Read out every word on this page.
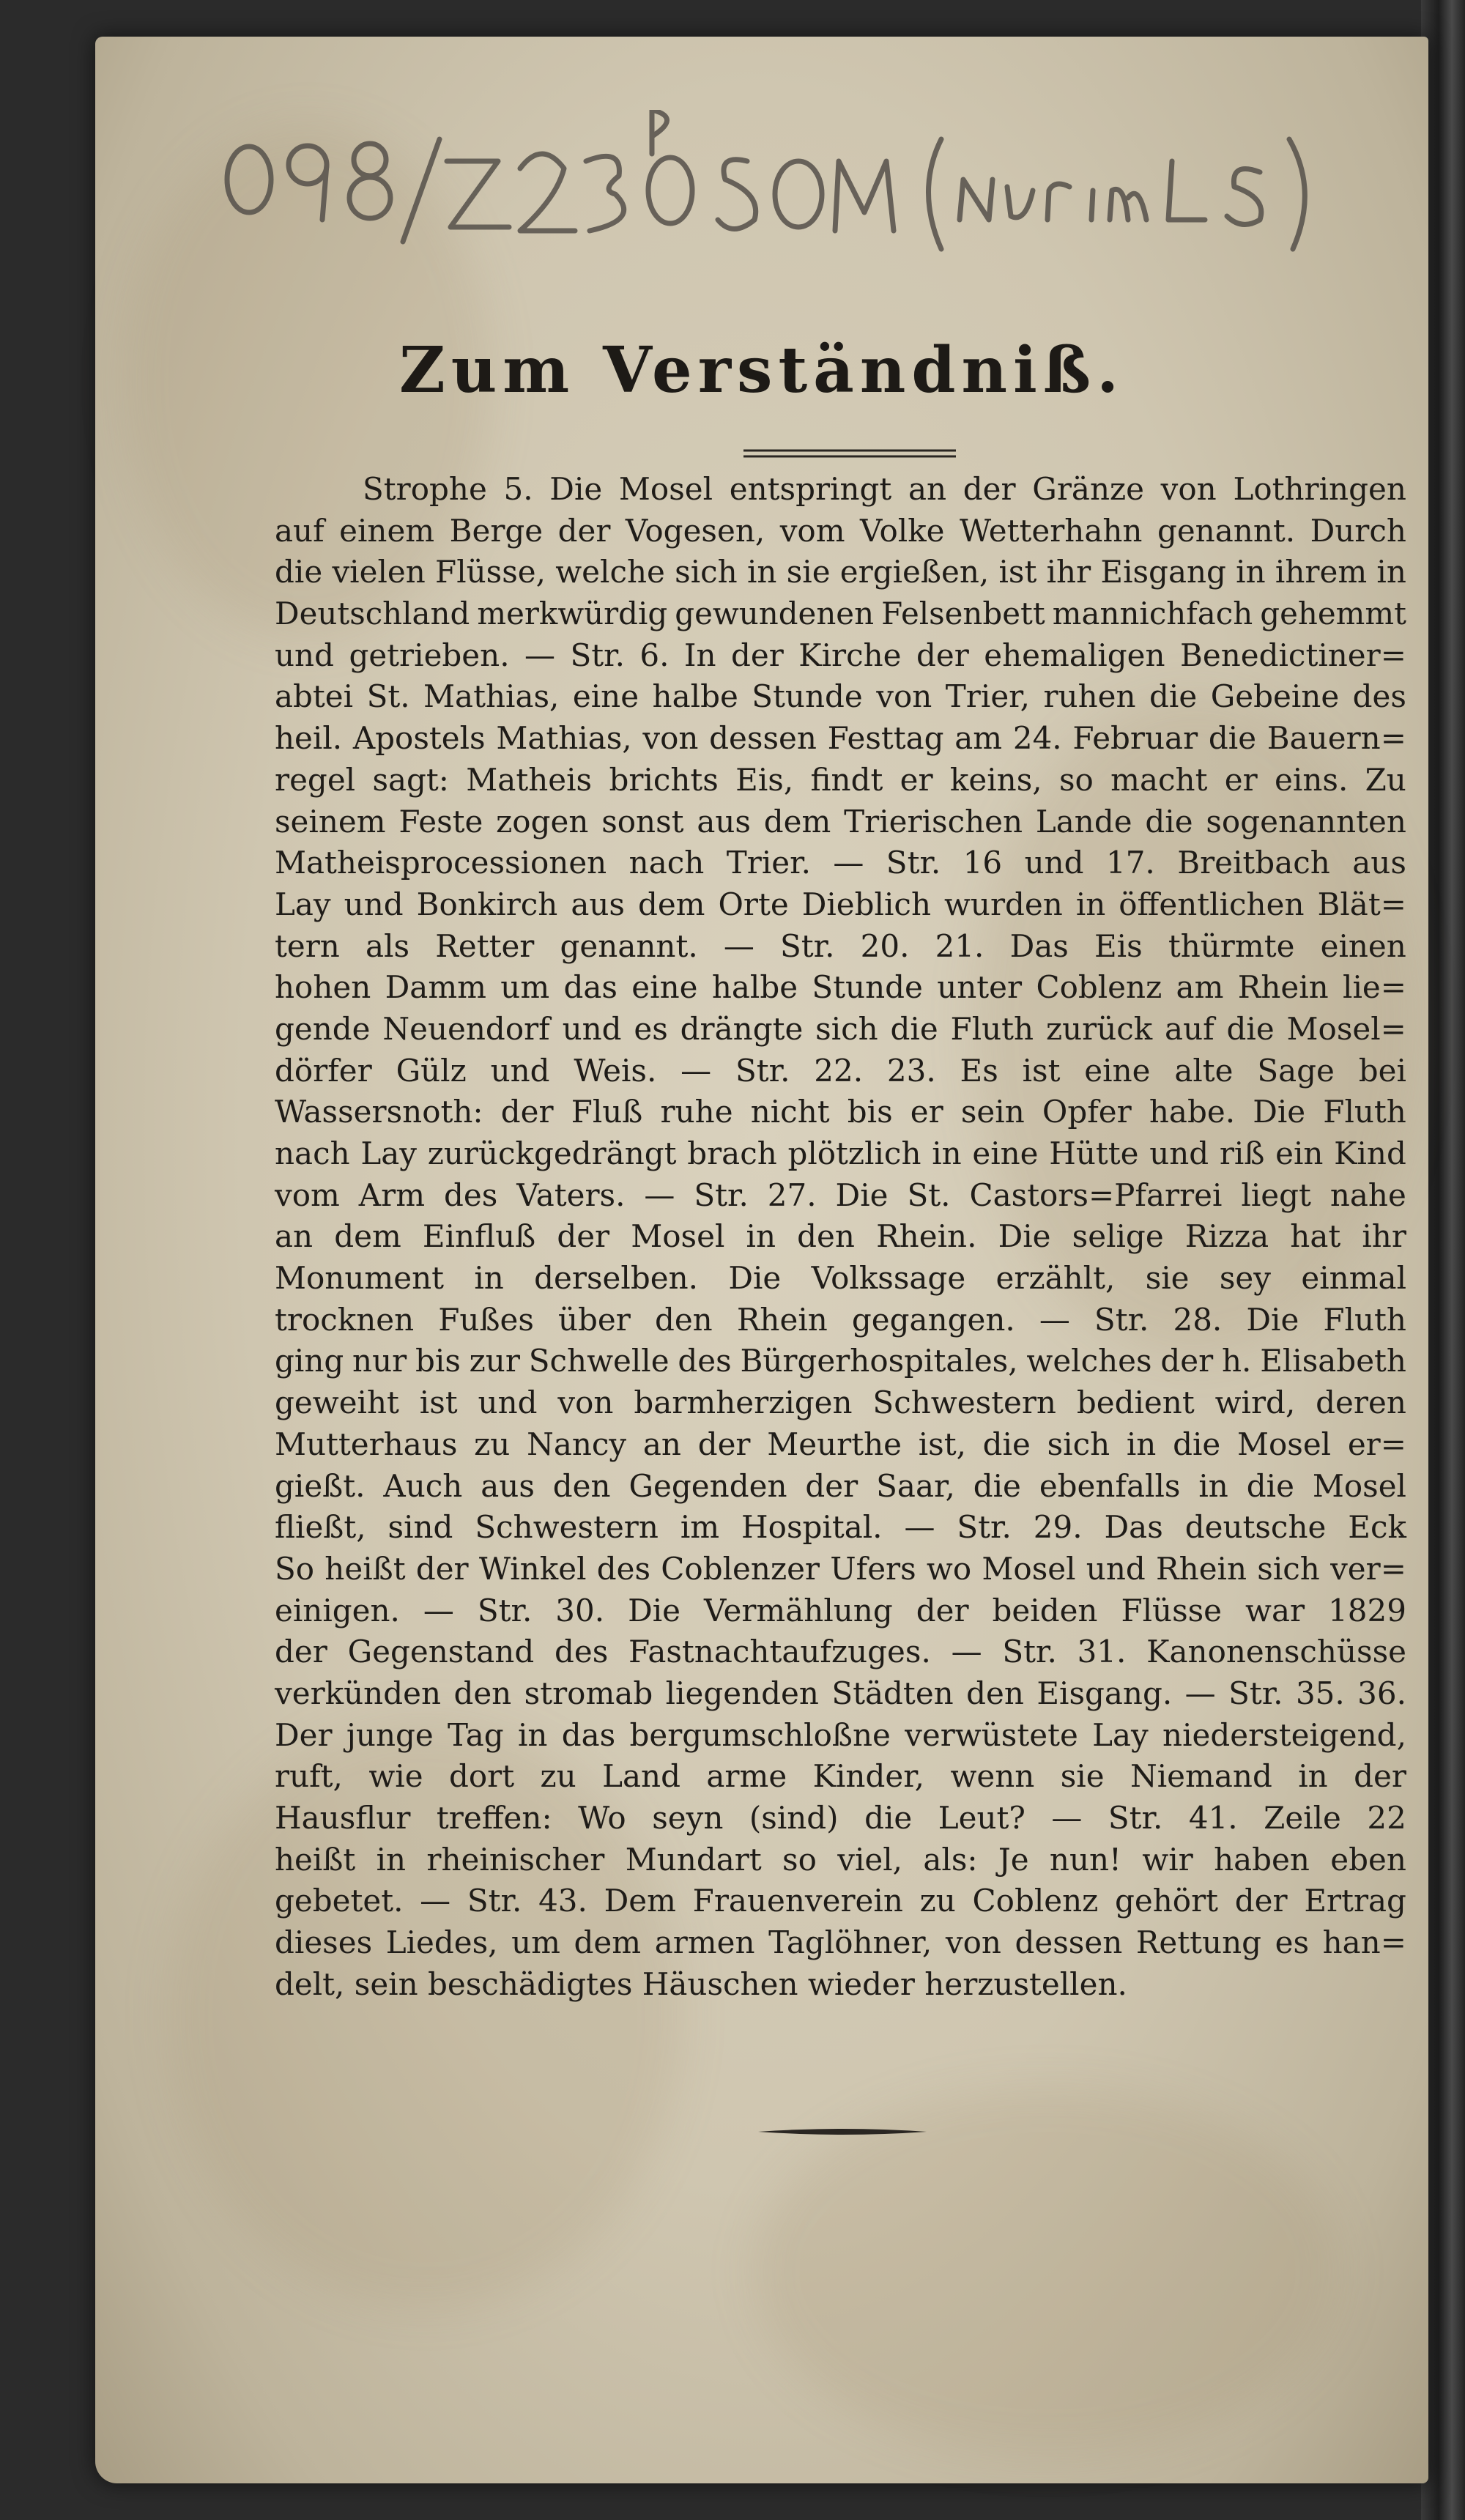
Zum Verständniß.
Strophe 5. Die Mosel entspringt an der Gränze von Lothringen
auf einem Berge der Vogesen, vom Volke Wetterhahn genannt. Durch
die vielen Flüsse, welche sich in sie ergießen, ist ihr Eisgang in ihrem in
Deutschland merkwürdig gewundenen Felsenbett mannichfach gehemmt
und getrieben. — Str. 6. In der Kirche der ehemaligen Benedictiner=
abtei St. Mathias, eine halbe Stunde von Trier, ruhen die Gebeine des
heil. Apostels Mathias, von dessen Festtag am 24. Februar die Bauern=
regel sagt: Matheis brichts Eis, findt er keins, so macht er eins. Zu
seinem Feste zogen sonst aus dem Trierischen Lande die sogenannten
Matheisprocessionen nach Trier. — Str. 16 und 17. Breitbach aus
Lay und Bonkirch aus dem Orte Dieblich wurden in öffentlichen Blät=
tern als Retter genannt. — Str. 20. 21. Das Eis thürmte einen
hohen Damm um das eine halbe Stunde unter Coblenz am Rhein lie=
gende Neuendorf und es drängte sich die Fluth zurück auf die Mosel=
dörfer Gülz und Weis. — Str. 22. 23. Es ist eine alte Sage bei
Wassersnoth: der Fluß ruhe nicht bis er sein Opfer habe. Die Fluth
nach Lay zurückgedrängt brach plötzlich in eine Hütte und riß ein Kind
vom Arm des Vaters. — Str. 27. Die St. Castors=Pfarrei liegt nahe
an dem Einfluß der Mosel in den Rhein. Die selige Rizza hat ihr
Monument in derselben. Die Volkssage erzählt, sie sey einmal
trocknen Fußes über den Rhein gegangen. — Str. 28. Die Fluth
ging nur bis zur Schwelle des Bürgerhospitales, welches der h. Elisabeth
geweiht ist und von barmherzigen Schwestern bedient wird, deren
Mutterhaus zu Nancy an der Meurthe ist, die sich in die Mosel er=
gießt. Auch aus den Gegenden der Saar, die ebenfalls in die Mosel
fließt, sind Schwestern im Hospital. — Str. 29. Das deutsche Eck
So heißt der Winkel des Coblenzer Ufers wo Mosel und Rhein sich ver=
einigen. — Str. 30. Die Vermählung der beiden Flüsse war 1829
der Gegenstand des Fastnachtaufzuges. — Str. 31. Kanonenschüsse
verkünden den stromab liegenden Städten den Eisgang. — Str. 35. 36.
Der junge Tag in das bergumschloßne verwüstete Lay niedersteigend,
ruft, wie dort zu Land arme Kinder, wenn sie Niemand in der
Hausflur treffen: Wo seyn (sind) die Leut? — Str. 41. Zeile 22
heißt in rheinischer Mundart so viel, als: Je nun! wir haben eben
gebetet. — Str. 43. Dem Frauenverein zu Coblenz gehört der Ertrag
dieses Liedes, um dem armen Taglöhner, von dessen Rettung es han=
delt, sein beschädigtes Häuschen wieder herzustellen.
